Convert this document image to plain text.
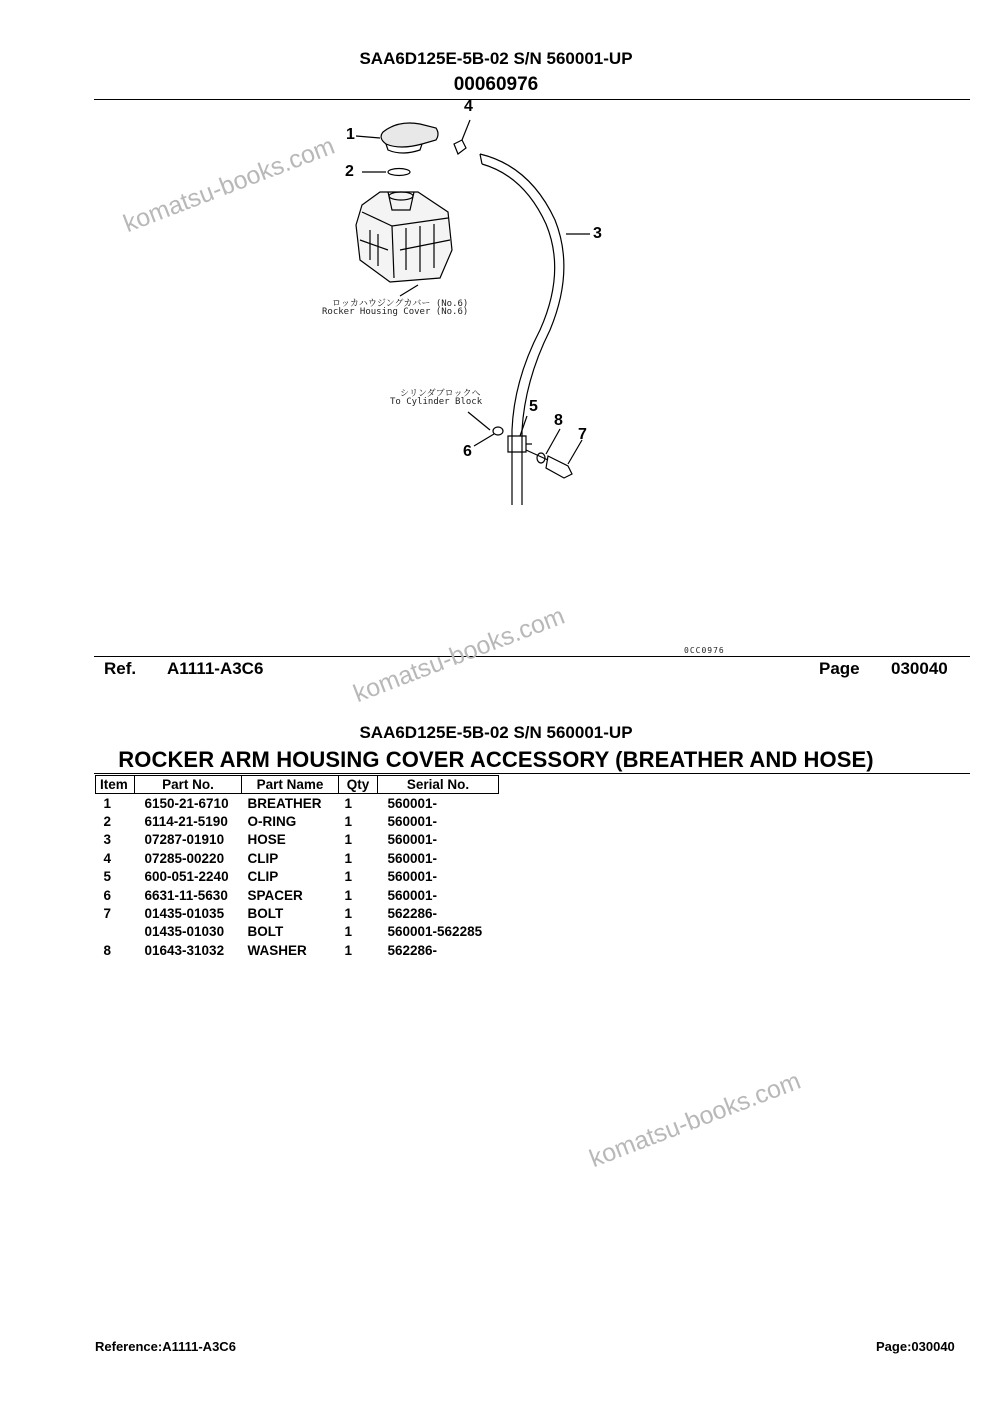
SAA6D125E-5B-02 S/N 560001-UP
00060976
1
2
3
4
5
6
7
8
ロッカハウジングカバー (No.6)
Rocker Housing Cover (No.6)
シリンダブロックへ
To Cylinder Block
0CC0976
Ref. A1111-A3C6	Page 030040
SAA6D125E-5B-02 S/N 560001-UP
ROCKER ARM HOUSING COVER ACCESSORY (BREATHER AND HOSE)
Item	Part No.	Part Name	Qty	Serial No.
1	6150-21-6710	BREATHER	1	560001-
2	6114-21-5190	O-RING	1	560001-
3	07287-01910	HOSE	1	560001-
4	07285-00220	CLIP	1	560001-
5	600-051-2240	CLIP	1	560001-
6	6631-11-5630	SPACER	1	560001-
7	01435-01035	BOLT	1	562286-
	01435-01030	BOLT	1	560001-562285
8	01643-31032	WASHER	1	562286-
komatsu-books.com
komatsu-books.com
komatsu-books.com
Reference:A1111-A3C6	Page:030040
